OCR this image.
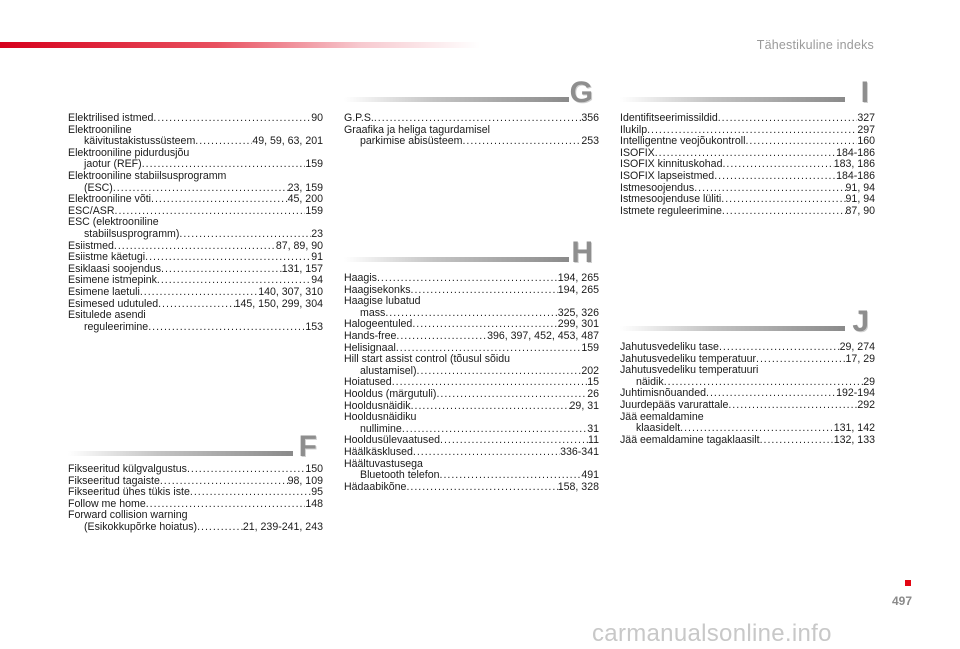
Tähestikuline indeks
Elektrilised istmed .....	90
Elektrooniline
käivitustakistussüsteem .....	49, 59, 63, 201
Elektrooniline pidurdusjõu
jaotur (REF) .....	159
Elektrooniline stabiilsusprogramm
(ESC) .....	23, 159
Elektrooniline võti .....	45, 200
ESC/ASR .....	159
ESC (elektrooniline
stabiilsusprogramm) .....	23
Esiistmed .....	87, 89, 90
Esiistme käetugi .....	91
Esiklaasi soojendus .....	131, 157
Esimene istmepink .....	94
Esimene laetuli .....	140, 307, 310
Esimesed udutuled .....	145, 150, 299, 304
Esitulede asendi
reguleerimine .....	153
F
Fikseeritud külgvalgustus .....	150
Fikseeritud tagaiste .....	98, 109
Fikseeritud ühes tükis iste .....	95
Follow me home .....	148
Forward collision warning
(Esikokkupõrke hoiatus) .....	21, 239-241, 243
G
G.P.S. .....	356
Graafika ja heliga tagurdamisel
parkimise abisüsteem .....	253
H
Haagis .....	194, 265
Haagisekonks .....	194, 265
Haagise lubatud
mass .....	325, 326
Halogeentuled .....	299, 301
Hands-free .....	396, 397, 452, 453, 487
Helisignaal .....	159
Hill start assist control (tõusul sõidu
alustamisel) .....	202
Hoiatused .....	15
Hooldus (märgutuli) .....	26
Hooldusnäidik .....	29, 31
Hooldusnäidiku
nullimine .....	31
Hooldusülevaatused .....	11
Häälkäsklused .....	336-341
Häältuvastusega
Bluetooth telefon .....	491
Hädaabikõne .....	158, 328
I
Identifitseerimissildid .....	327
Ilukilp .....	297
Intelligentne veojõukontroll .....	160
ISOFIX .....	184-186
ISOFIX kinnituskohad .....	183, 186
ISOFIX lapseistmed .....	184-186
Istmesoojendus .....	91, 94
Istmesoojenduse lüliti .....	91, 94
Istmete reguleerimine .....	87, 90
J
Jahutusvedeliku tase .....	29, 274
Jahutusvedeliku temperatuur .....	17, 29
Jahutusvedeliku temperatuuri
näidik .....	29
Juhtimisnõuanded .....	192-194
Juurdepääs varurattale .....	292
Jää eemaldamine
klaasidelt .....	131, 142
Jää eemaldamine tagaklaasilt .....	132, 133
497
carmanualsonline.info
